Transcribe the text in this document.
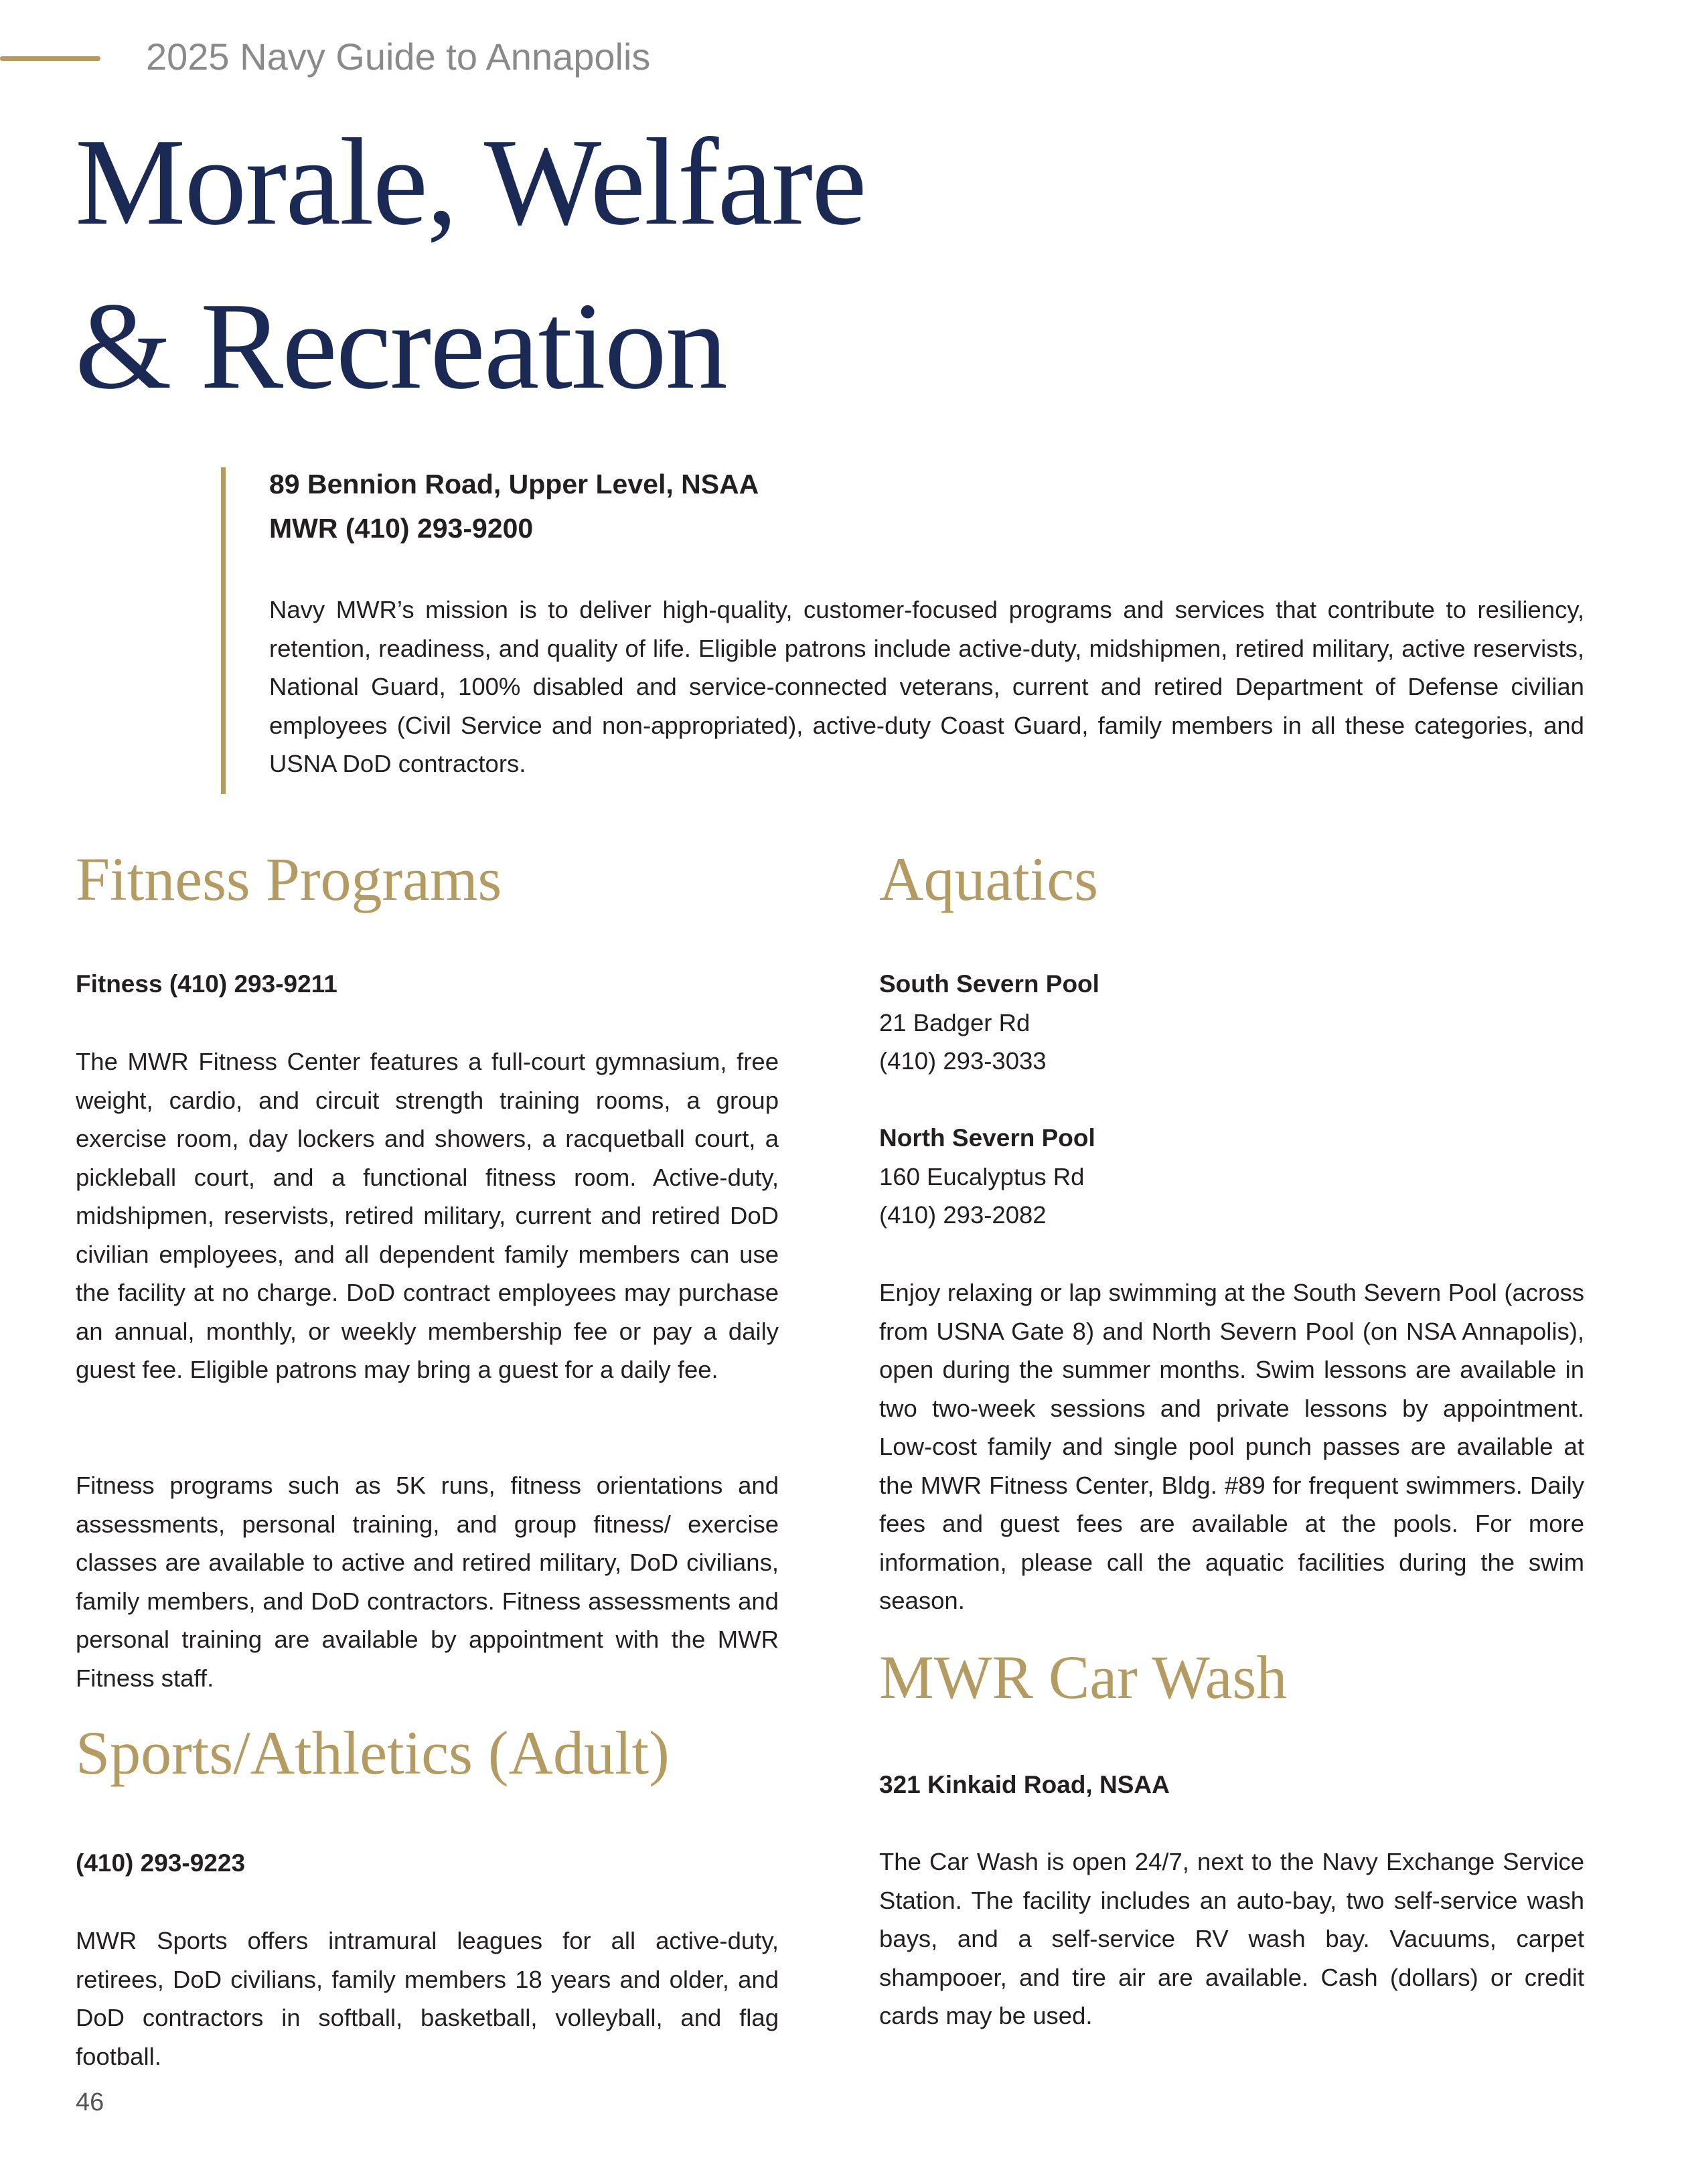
2025 Navy Guide to Annapolis
Morale, Welfare
& Recreation
89 Bennion Road, Upper Level, NSAA
MWR (410) 293-9200
Navy MWR’s mission is to deliver high-quality, customer-focused programs and services that contribute to resiliency, retention, readiness, and quality of life. Eligible patrons include active-duty, midshipmen, retired military, active reservists, National Guard, 100% disabled and service-connected veterans, current and retired Department of Defense civilian employees (Civil Service and non-appropriated), active-duty Coast Guard, family members in all these categories, and USNA DoD contractors.
Fitness Programs
Fitness (410) 293-9211
The MWR Fitness Center features a full-court gymnasium, free weight, cardio, and circuit strength training rooms, a group exercise room, day lockers and showers, a racquetball court, a pickleball court, and a functional fitness room. Active-duty, midshipmen, reservists, retired military, current and retired DoD civilian employees, and all dependent family members can use the facility at no charge. DoD contract employees may purchase an annual, monthly, or weekly membership fee or pay a daily guest fee. Eligible patrons may bring a guest for a daily fee.
Fitness programs such as 5K runs, fitness orientations and assessments, personal training, and group fitness/ exercise classes are available to active and retired military, DoD civilians, family members, and DoD contractors. Fitness assessments and personal training are available by appointment with the MWR Fitness staff.
Sports/Athletics (Adult)
(410) 293-9223
MWR Sports offers intramural leagues for all active-duty, retirees, DoD civilians, family members 18 years and older, and DoD contractors in softball, basketball, volleyball, and flag football.
46
Aquatics
South Severn Pool
21 Badger Rd
(410) 293-3033
North Severn Pool
160 Eucalyptus Rd
(410) 293-2082
Enjoy relaxing or lap swimming at the South Severn Pool (across from USNA Gate 8) and North Severn Pool (on NSA Annapolis), open during the summer months. Swim lessons are available in two two-week sessions and private lessons by appointment. Low-cost family and single pool punch passes are available at the MWR Fitness Center, Bldg. #89 for frequent swimmers. Daily fees and guest fees are available at the pools. For more information, please call the aquatic facilities during the swim season.
MWR Car Wash
321 Kinkaid Road, NSAA
The Car Wash is open 24/7, next to the Navy Exchange Service Station. The facility includes an auto-bay, two self-service wash bays, and a self-service RV wash bay. Vacuums, carpet shampooer, and tire air are available. Cash (dollars) or credit cards may be used.
